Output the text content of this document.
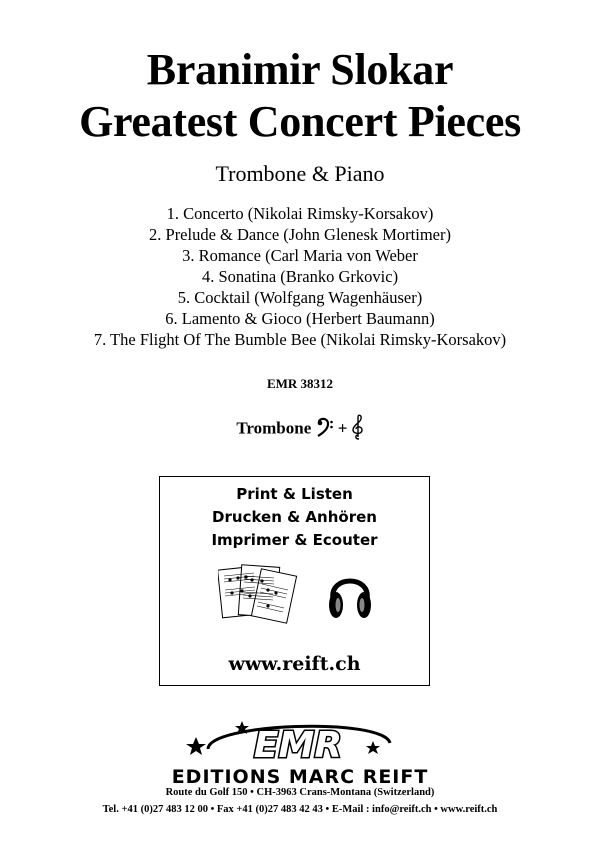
Branimir Slokar
Greatest Concert Pieces
Trombone & Piano
1. Concerto (Nikolai Rimsky-Korsakov)
2. Prelude & Dance (John Glenesk Mortimer)
3. Romance (Carl Maria von Weber
4. Sonatina (Branko Grkovic)
5. Cocktail (Wolfgang Wagenhäuser)
6. Lamento & Gioco (Herbert Baumann)
7. The Flight Of The Bumble Bee (Nikolai Rimsky-Korsakov)
EMR 38312
Trombone +
Print & Listen
Drucken & Anhören
Imprimer & Ecouter
www.reift.ch
EMR
EDITIONS MARC REIFT
Route du Golf 150 • CH-3963 Crans-Montana (Switzerland)
Tel. +41 (0)27 483 12 00 • Fax +41 (0)27 483 42 43 • E-Mail : info@reift.ch • www.reift.ch
